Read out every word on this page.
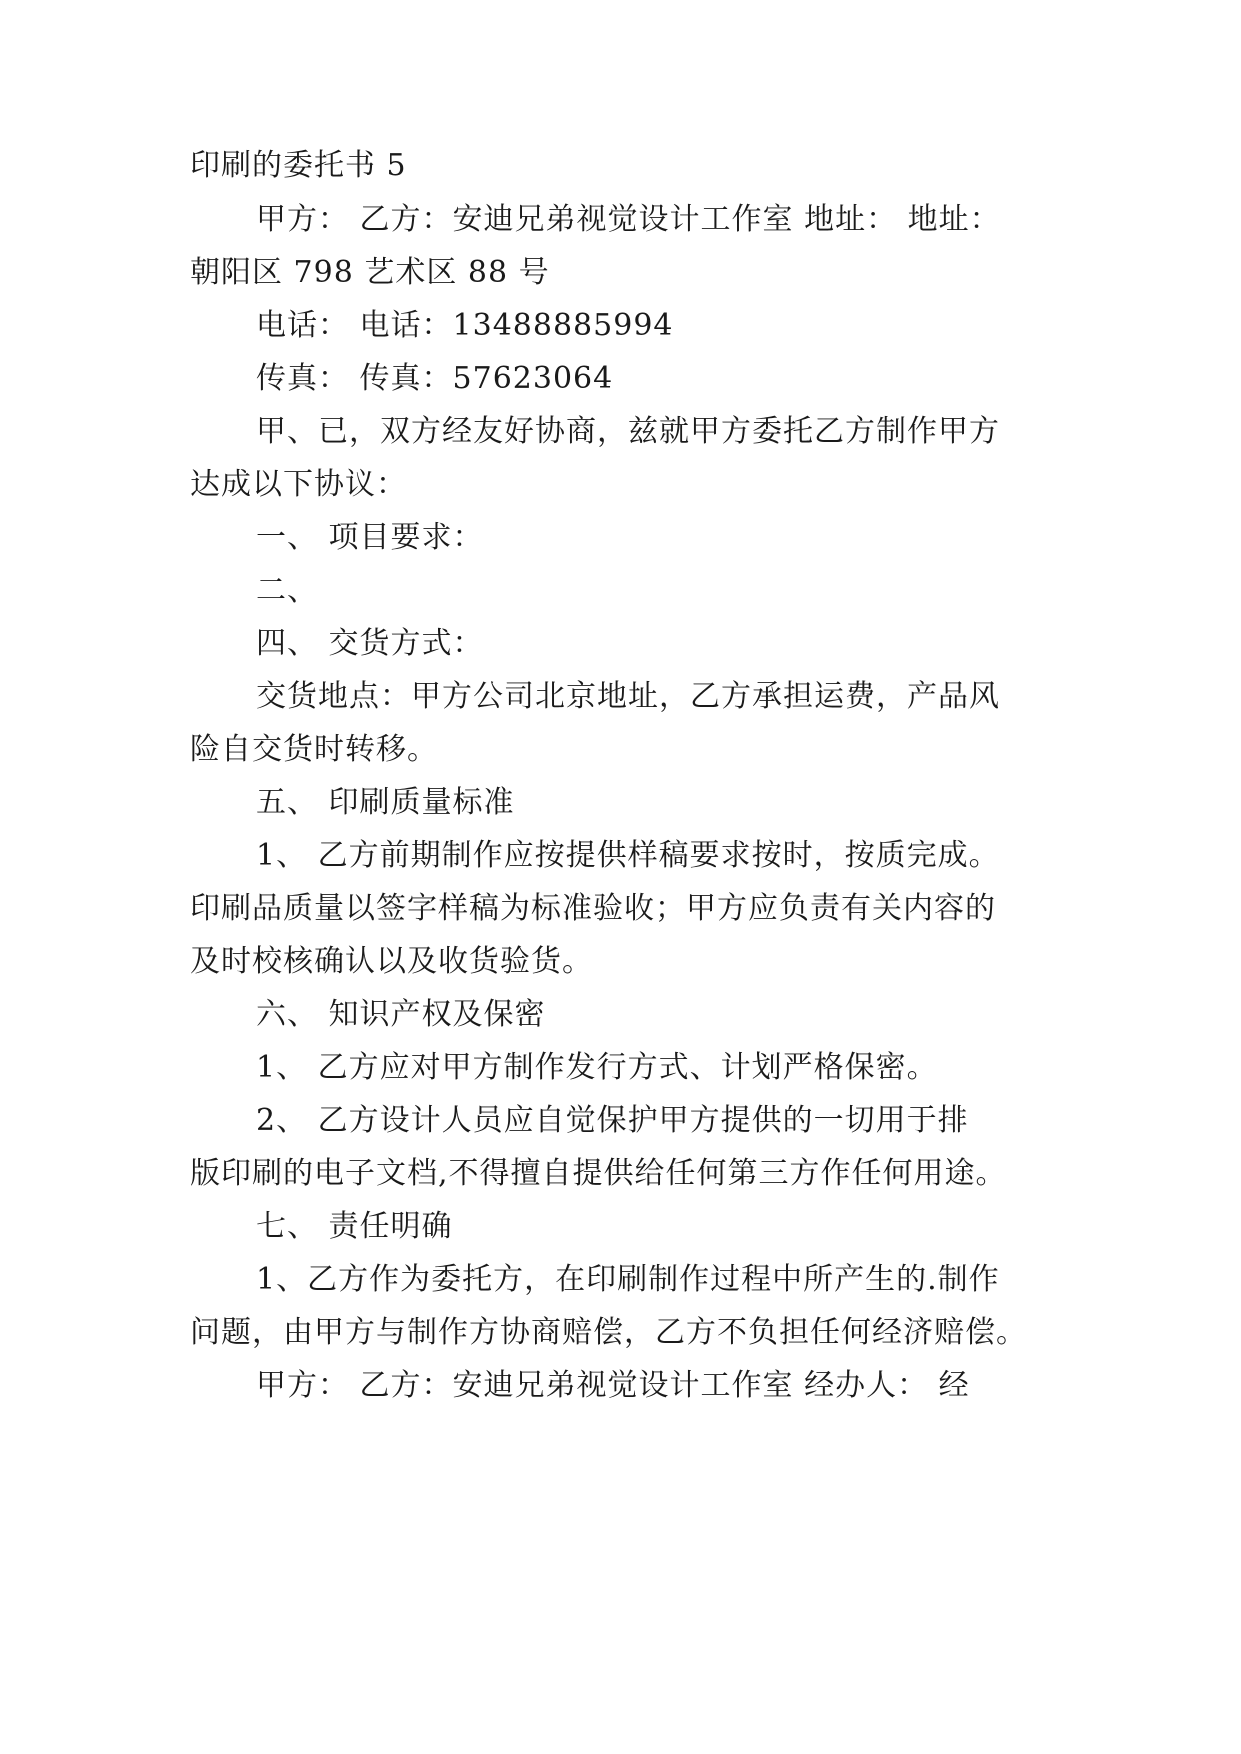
印刷的委托书 5
甲方： 乙方：安迪兄弟视觉设计工作室 地址： 地址：
朝阳区 798 艺术区 88 号
电话： 电话：13488885994
传真： 传真：57623064
甲、已，双方经友好协商，兹就甲方委托乙方制作甲方
达成以下协议：
一、 项目要求：
二、
四、 交货方式：
交货地点：甲方公司北京地址，乙方承担运费，产品风
险自交货时转移。
五、 印刷质量标准
1、 乙方前期制作应按提供样稿要求按时，按质完成。
印刷品质量以签字样稿为标准验收；甲方应负责有关内容的
及时校核确认以及收货验货。
六、 知识产权及保密
1、 乙方应对甲方制作发行方式、计划严格保密。
2、 乙方设计人员应自觉保护甲方提供的一切用于排
版印刷的电子文档,不得擅自提供给任何第三方作任何用途。
七、 责任明确
1、乙方作为委托方，在印刷制作过程中所产生的.制作
问题，由甲方与制作方协商赔偿，乙方不负担任何经济赔偿。
甲方： 乙方：安迪兄弟视觉设计工作室 经办人： 经
